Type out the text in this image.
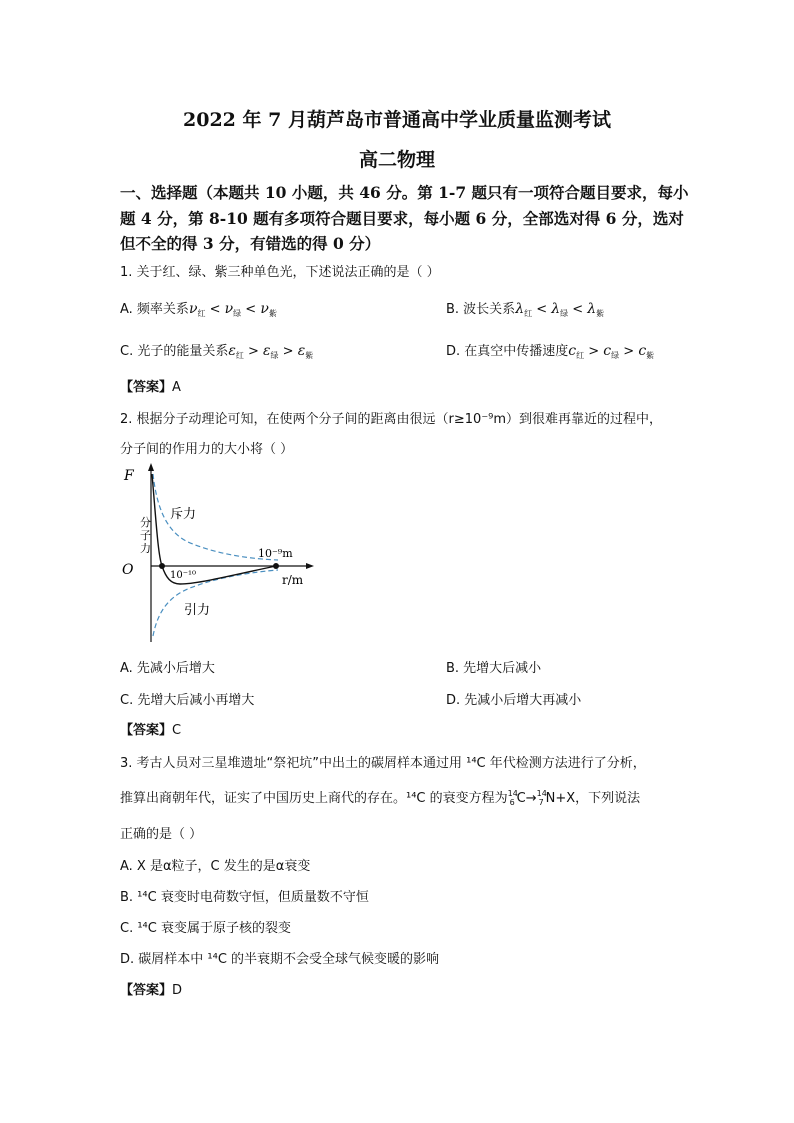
2022 年 7 月葫芦岛市普通高中学业质量监测考试
高二物理
一、选择题（本题共 10 小题，共 46 分。第 1-7 题只有一项符合题目要求，每小
题 4 分，第 8-10 题有多项符合题目要求，每小题 6 分，全部选对得 6 分，选对
但不全的得 3 分，有错选的得 0 分）
1. 关于红、绿、紫三种单色光，下述说法正确的是（ ）
A. 频率关系$\nu_红 < \nu_绿 < \nu_紫$	B. 波长关系$\lambda_红 < \lambda_绿 < \lambda_紫$
C. 光子的能量关系$\varepsilon_红 > \varepsilon_绿 > \varepsilon_紫$	D. 在真空中传播速度$c_红 > c_绿 > c_紫$
【答案】A
2. 根据分子动理论可知，在使两个分子间的距离由很远（r≥10⁻⁹m）到很难再靠近的过程中，
分子间的作用力的大小将（ ）
F
O
r/m
斥力
引力
分
子
力	10⁻⁹m
10⁻¹⁰
A. 先减小后增大	B. 先增大后减小
C. 先增大后减小再增大	D. 先减小后增大再减小
【答案】C
3. 考古人员对三星堆遗址“祭祀坑”中出土的碳屑样本通过用 ¹⁴C 年代检测方法进行了分析，
推算出商朝年代，证实了中国历史上商代的存在。¹⁴C 的衰变方程为 14
6 C→ 14
7 N+X，下列说法
正确的是（ ）
A. X 是α粒子，C 发生的是α衰变
B. ¹⁴C 衰变时电荷数守恒，但质量数不守恒
C. ¹⁴C 衰变属于原子核的裂变
D. 碳屑样本中 ¹⁴C 的半衰期不会受全球气候变暖的影响
【答案】D
